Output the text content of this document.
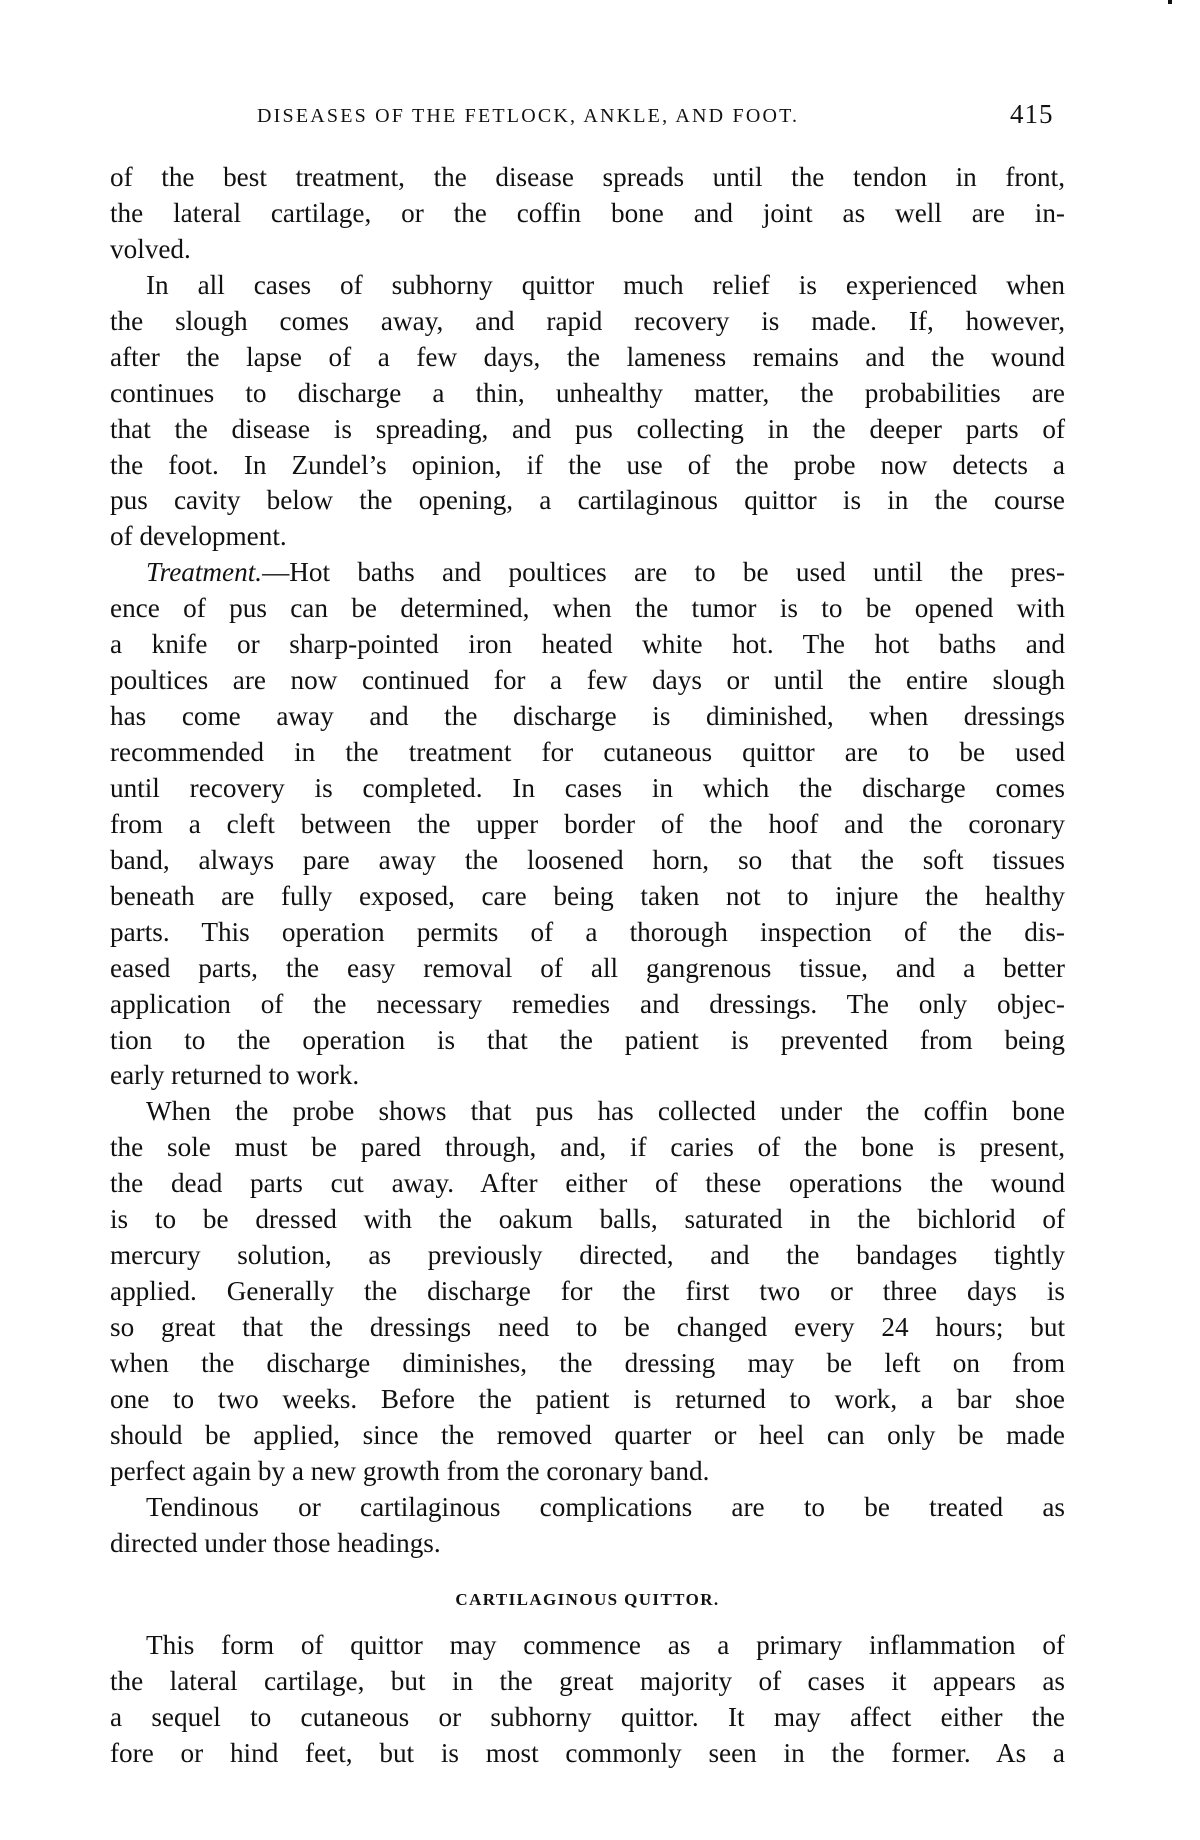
DISEASES OF THE FETLOCK, ANKLE, AND FOOT.	415
of the best treatment, the disease spreads until the tendon in front,
the lateral cartilage, or the coffin bone and joint as well are in-
volved.
In all cases of subhorny quittor much relief is experienced when
the slough comes away, and rapid recovery is made. If, however,
after the lapse of a few days, the lameness remains and the wound
continues to discharge a thin, unhealthy matter, the probabilities are
that the disease is spreading, and pus collecting in the deeper parts of
the foot. In Zundel’s opinion, if the use of the probe now detects a
pus cavity below the opening, a cartilaginous quittor is in the course
of development.
Treatment.—Hot baths and poultices are to be used until the pres-
ence of pus can be determined, when the tumor is to be opened with
a knife or sharp-pointed iron heated white hot. The hot baths and
poultices are now continued for a few days or until the entire slough
has come away and the discharge is diminished, when dressings
recommended in the treatment for cutaneous quittor are to be used
until recovery is completed. In cases in which the discharge comes
from a cleft between the upper border of the hoof and the coronary
band, always pare away the loosened horn, so that the soft tissues
beneath are fully exposed, care being taken not to injure the healthy
parts. This operation permits of a thorough inspection of the dis-
eased parts, the easy removal of all gangrenous tissue, and a better
application of the necessary remedies and dressings. The only objec-
tion to the operation is that the patient is prevented from being
early returned to work.
When the probe shows that pus has collected under the coffin bone
the sole must be pared through, and, if caries of the bone is present,
the dead parts cut away. After either of these operations the wound
is to be dressed with the oakum balls, saturated in the bichlorid of
mercury solution, as previously directed, and the bandages tightly
applied. Generally the discharge for the first two or three days is
so great that the dressings need to be changed every 24 hours; but
when the discharge diminishes, the dressing may be left on from
one to two weeks. Before the patient is returned to work, a bar shoe
should be applied, since the removed quarter or heel can only be made
perfect again by a new growth from the coronary band.
Tendinous or cartilaginous complications are to be treated as
directed under those headings.
CARTILAGINOUS QUITTOR.
This form of quittor may commence as a primary inflammation of
the lateral cartilage, but in the great majority of cases it appears as
a sequel to cutaneous or subhorny quittor. It may affect either the
fore or hind feet, but is most commonly seen in the former. As a
